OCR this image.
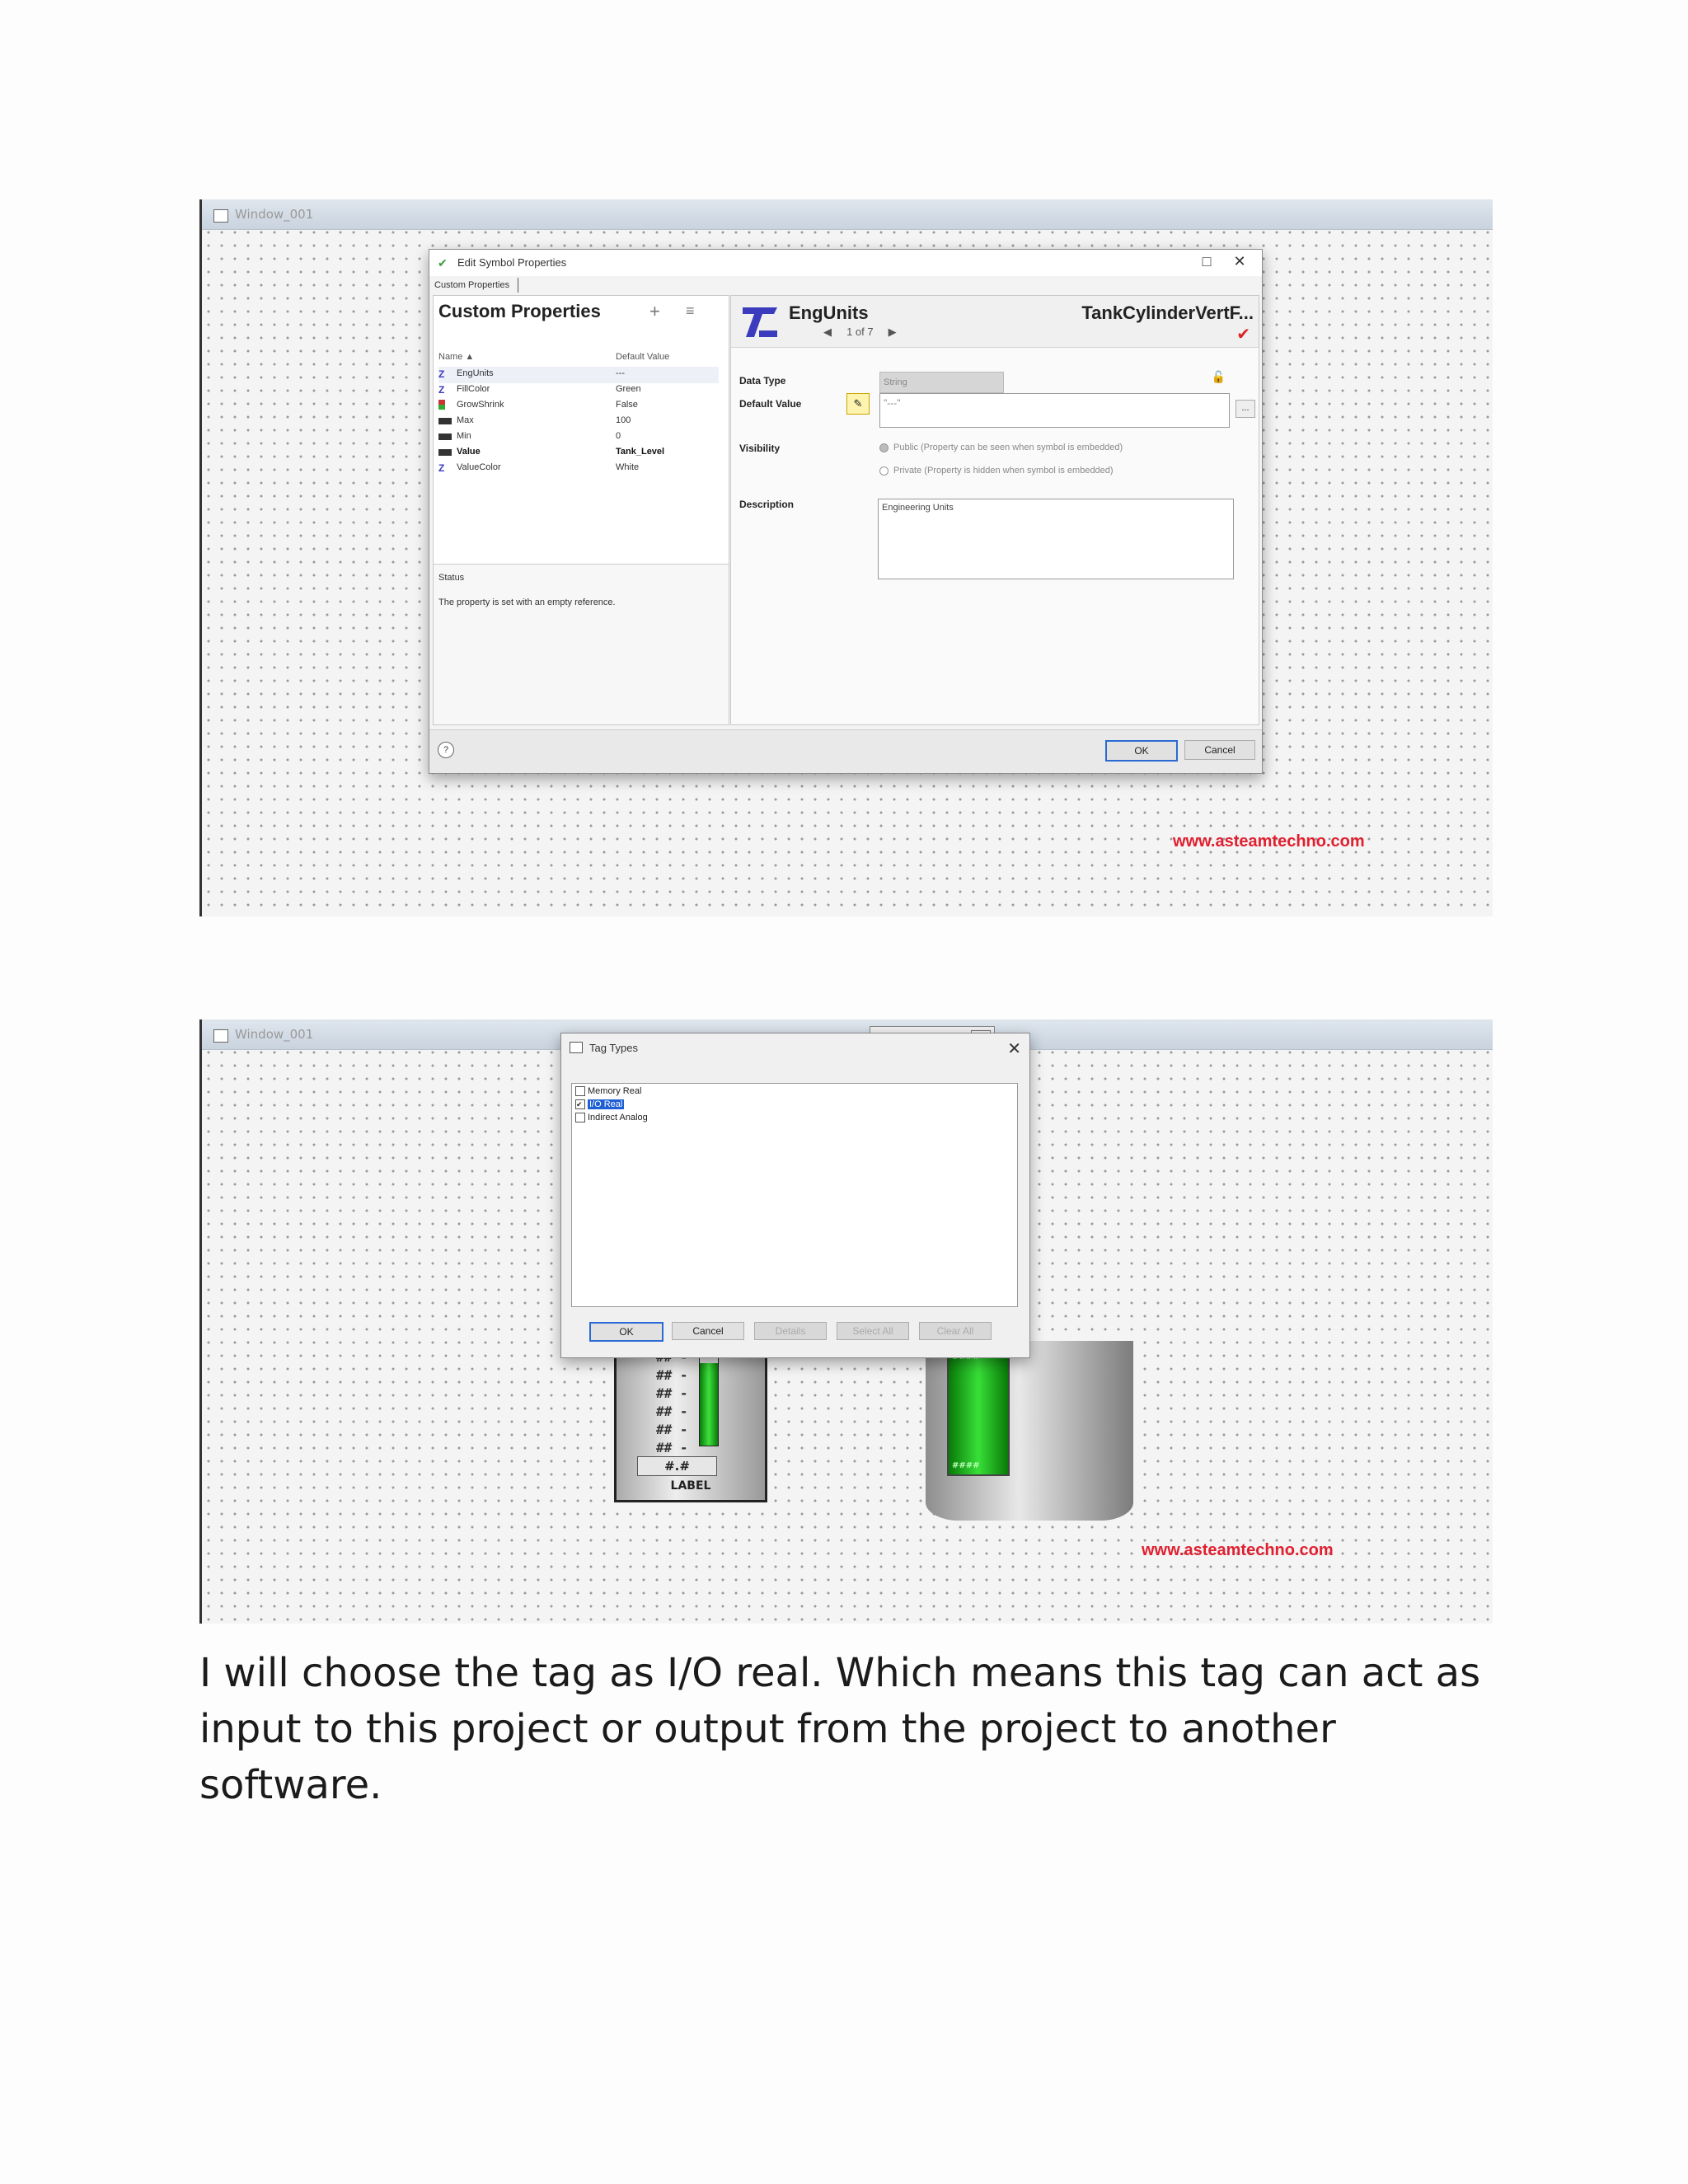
Window_001
✔ Edit Symbol Properties	□	✕
Custom Properties
Custom Properties	+ ≡
Name ▲	Default Value
Z	EngUnits	---
Z	FillColor	Green
GrowShrink	False
Max	100
Min	0
Value	Tank_Level
Z	ValueColor	White
Status
The property is set with an empty reference.
EngUnits	TankCylinderVertF...
◀ 1 of 7 ▶	✔
Data Type	String	🔓
Default Value	✎	"---"	...
Visibility	Public (Property can be seen when symbol is embedded)
Private (Property is hidden when symbol is embedded)
Description	Engineering Units
?	OK	Cancel
www.asteamtechno.com
Window_001
Tag Types	✕
Memory Real
✔ I/O Real
Indirect Analog
OK	Cancel	Details	Select All	Clear All
#.#
LABEL
## -
## -
## -
## -
## -
####
www.asteamtechno.com
I will choose the tag as I/O real. Which means this tag can act as input to this project or output from the project to another software.
